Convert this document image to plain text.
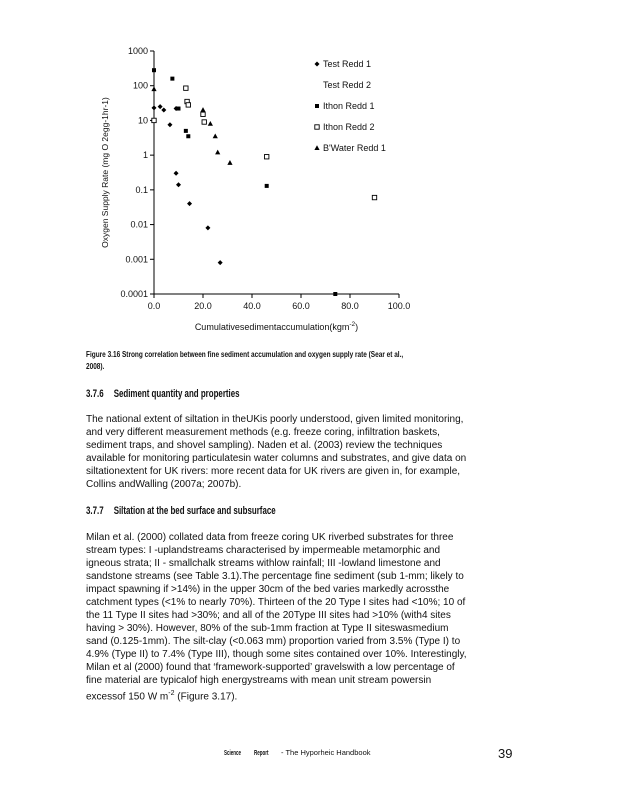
0.0001
0.001
0.01
0.1
1
10
100
1000
0.0	20.0	40.0	60.0	80.0	100.0
Cumulativesedimentaccumulation(kgm$^{-2}$)
Oxygen Supply Rate (mg O 2egg-1hr-1)
Test Redd 1
Test Redd 2
Ithon Redd 1
Ithon Redd 2
B'Water Redd 1
Figure 3.16 Strong correlation between fine sediment accumulation and oxygen supply rate (Sear et al., 2008).
3.7.6 Sediment quantity and properties
The national extent of siltation in theUKis poorly understood, given limited monitoring,
and very different measurement methods (e.g. freeze coring, infiltration baskets,
sediment traps, and shovel sampling). Naden et al. (2003) review the techniques
available for monitoring particulatesin water columns and substrates, and give data on
siltationextent for UK rivers: more recent data for UK rivers are given in, for example,
Collins andWalling (2007a; 2007b).
3.7.7 Siltation at the bed surface and subsurface
Milan et al. (2000) collated data from freeze coring UK riverbed substrates for three
stream types: I -uplandstreams characterised by impermeable metamorphic and
igneous strata; II - smallchalk streams withlow rainfall; III -lowland limestone and
sandstone streams (see Table 3.1).The percentage fine sediment (sub 1-mm; likely to
impact spawning if >14%) in the upper 30cm of the bed varies markedly acrossthe
catchment types (<1% to nearly 70%). Thirteen of the 20 Type I sites had <10%; 10 of
the 11 Type II sites had >30%; and all of the 20Type III sites had >10% (with4 sites
having > 30%). However, 80% of the sub-1mm fraction at Type II siteswasmedium
sand (0.125-1mm). The silt-clay (<0.063 mm) proportion varied from 3.5% (Type I) to
4.9% (Type II) to 7.4% (Type III), though some sites contained over 10%. Interestingly,
Milan et al (2000) found that ‘framework-supported’ gravelswith a low percentage of
fine material are typicalof high energystreams with mean unit stream powersin
excessof 150 W $m^{-2}$ (Figure 3.17).
Science Report - The Hyporheic Handbook	39
